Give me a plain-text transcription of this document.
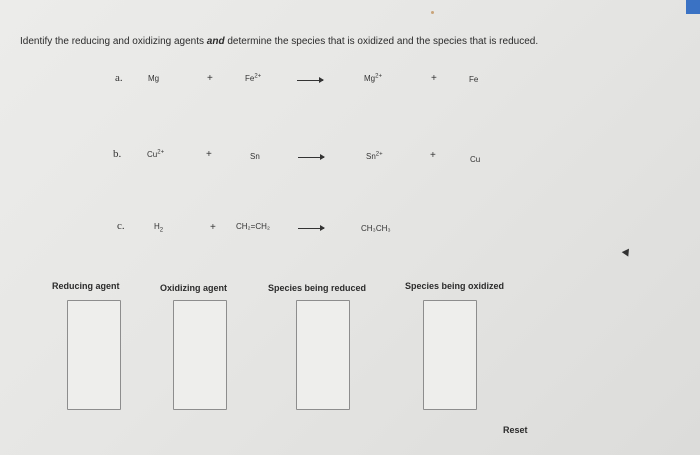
Identify the reducing and oxidizing agents and determine the species that is oxidized and the species that is reduced.
a.	Mg	+	$Fe^{2+}$	$Mg^{2+}$	+	Fe
b.	$Cu^{2+}$	+	Sn	$Sn^{2+}$	+	Cu
c.	$H_2$	+	CH₂=CH₂	CH₃CH₃
Reducing agent	Oxidizing agent	Species being reduced	Species being oxidized
Reset
